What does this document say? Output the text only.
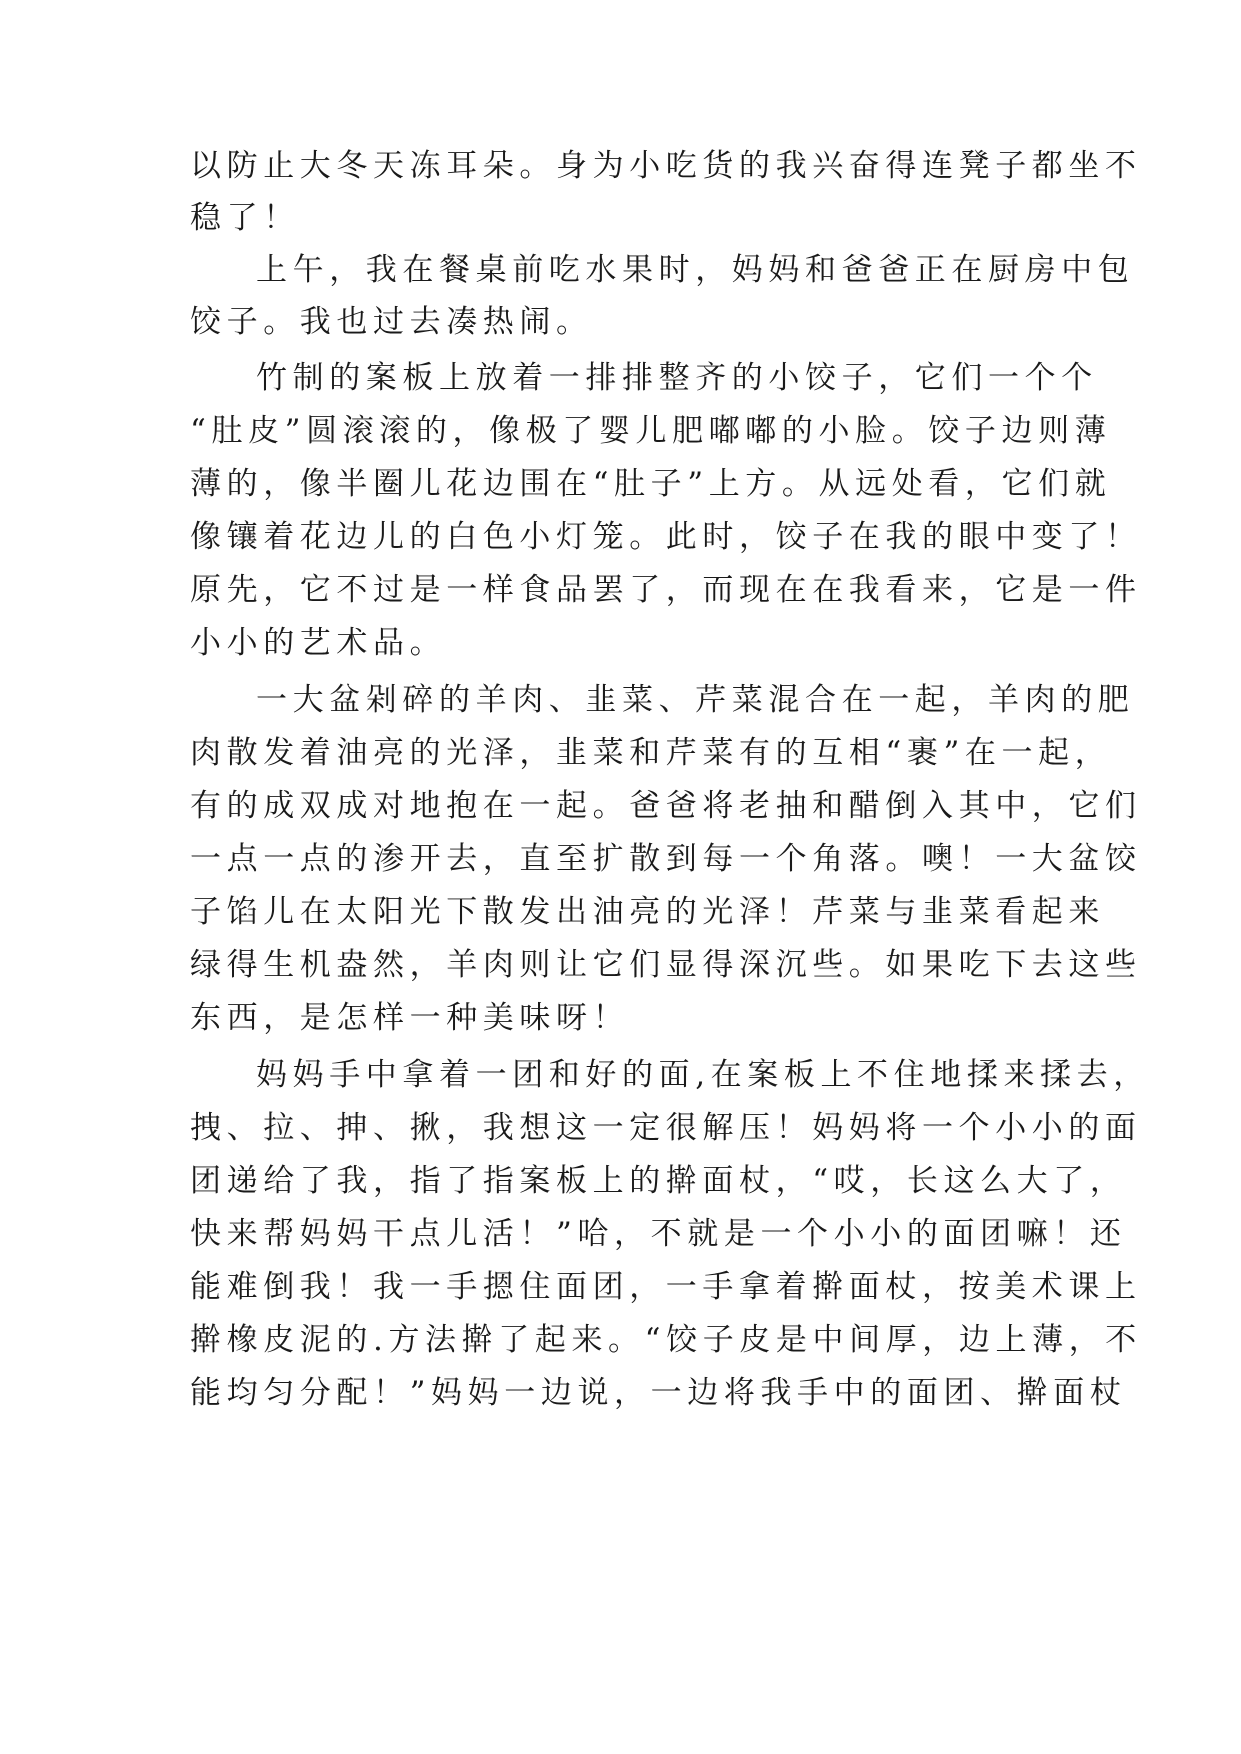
以防止大冬天冻耳朵。身为小吃货的我兴奋得连凳子都坐不
稳了！
上午，我在餐桌前吃水果时，妈妈和爸爸正在厨房中包
饺子。我也过去凑热闹。
竹制的案板上放着一排排整齐的小饺子，它们一个个
“肚皮”圆滚滚的，像极了婴儿肥嘟嘟的小脸。饺子边则薄
薄的，像半圈儿花边围在“肚子”上方。从远处看，它们就
像镶着花边儿的白色小灯笼。此时，饺子在我的眼中变了！
原先，它不过是一样食品罢了，而现在在我看来，它是一件
小小的艺术品。
一大盆剁碎的羊肉、韭菜、芹菜混合在一起，羊肉的肥
肉散发着油亮的光泽，韭菜和芹菜有的互相“裹”在一起，
有的成双成对地抱在一起。爸爸将老抽和醋倒入其中，它们
一点一点的渗开去，直至扩散到每一个角落。噢！一大盆饺
子馅儿在太阳光下散发出油亮的光泽！芹菜与韭菜看起来
绿得生机盎然，羊肉则让它们显得深沉些。如果吃下去这些
东西，是怎样一种美味呀！
妈妈手中拿着一团和好的面,在案板上不住地揉来揉去，
拽、拉、抻、揪，我想这一定很解压！妈妈将一个小小的面
团递给了我，指了指案板上的擀面杖，“哎，长这么大了，
快来帮妈妈干点儿活！”哈，不就是一个小小的面团嘛！还
能难倒我！我一手摁住面团，一手拿着擀面杖，按美术课上
擀橡皮泥的.方法擀了起来。“饺子皮是中间厚，边上薄，不
能均匀分配！”妈妈一边说，一边将我手中的面团、擀面杖
